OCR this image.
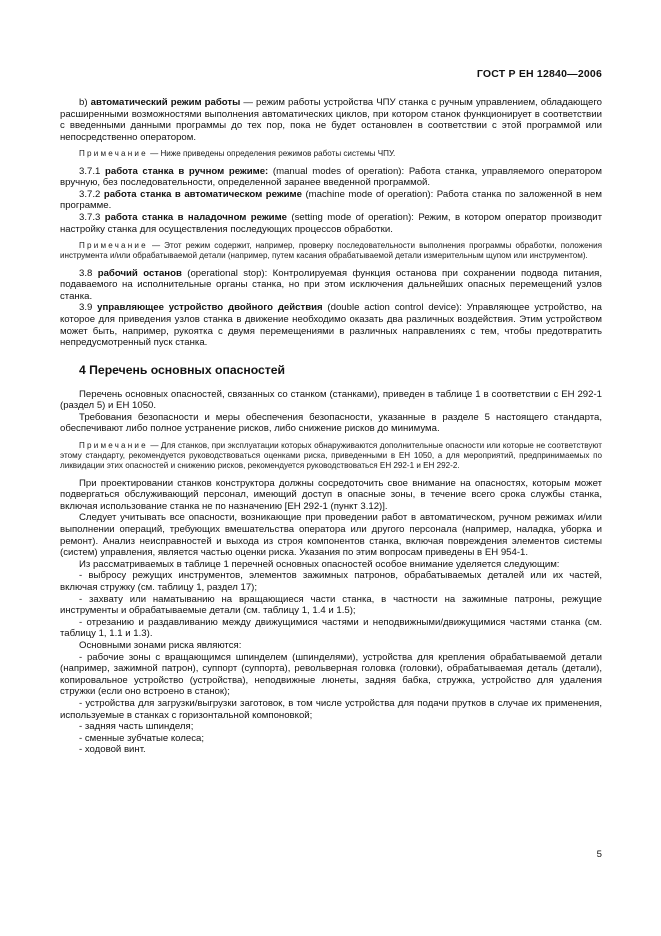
ГОСТ Р ЕН 12840—2006

b) автоматический режим работы — режим работы устройства ЧПУ станка с ручным управлением, обладающего расширенными возможностями выполнения автоматических циклов, при котором станок функционирует в соответствии с введенными данными программы до тех пор, пока не будет остановлен в соответствии с этой программой или непосредственно оператором.

Примечание — Ниже приведены определения режимов работы системы ЧПУ.

3.7.1 работа станка в ручном режиме: (manual modes of operation): Работа станка, управляемого оператором вручную, без последовательности, определенной заранее введенной программой.

3.7.2 работа станка в автоматическом режиме (machine mode of operation): Работа станка по заложенной в нем программе.

3.7.3 работа станка в наладочном режиме (setting mode of operation): Режим, в котором оператор производит настройку станка для осуществления последующих процессов обработки.

Примечание — Этот режим содержит, например, проверку последовательности выполнения программы обработки, положения инструмента и/или обрабатываемой детали (например, путем касания обрабатываемой детали измерительным щупом или инструментом).

3.8 рабочий останов (operational stop): Контролируемая функция останова при сохранении подвода питания, подаваемого на исполнительные органы станка, но при этом исключения дальнейших опасных перемещений узлов станка.

3.9 управляющее устройство двойного действия (double action control device): Управляющее устройство, на которое для приведения узлов станка в движение необходимо оказать два различных воздействия. Этим устройством может быть, например, рукоятка с двумя перемещениями в различных направлениях с тем, чтобы предотвратить непредусмотренный пуск станка.

4 Перечень основных опасностей

Перечень основных опасностей, связанных со станком (станками), приведен в таблице 1 в соответствии с ЕН 292-1 (раздел 5) и ЕН 1050.

Требования безопасности и меры обеспечения безопасности, указанные в разделе 5 настоящего стандарта, обеспечивают либо полное устранение рисков, либо снижение рисков до минимума.

Примечание — Для станков, при эксплуатации которых обнаруживаются дополнительные опасности или которые не соответствуют этому стандарту, рекомендуется руководствоваться оценками риска, приведенными в ЕН 1050, а для мероприятий, предпринимаемых по ликвидации этих опасностей и снижению рисков, рекомендуется руководствоваться ЕН 292-1 и ЕН 292-2.

При проектировании станков конструктора должны сосредоточить свое внимание на опасностях, которым может подвергаться обслуживающий персонал, имеющий доступ в опасные зоны, в течение всего срока службы станка, включая использование станка не по назначению [ЕН 292-1 (пункт 3.12)].

Следует учитывать все опасности, возникающие при проведении работ в автоматическом, ручном режимах и/или выполнении операций, требующих вмешательства оператора или другого персонала (например, наладка, уборка и ремонт). Анализ неисправностей и выхода из строя компонентов станка, включая повреждения элементов системы (систем) управления, является частью оценки риска. Указания по этим вопросам приведены в ЕН 954-1.

Из рассматриваемых в таблице 1 перечней основных опасностей особое внимание уделяется следующим:

- выбросу режущих инструментов, элементов зажимных патронов, обрабатываемых деталей или их частей, включая стружку (см. таблицу 1, раздел 17);

- захвату или наматыванию на вращающиеся части станка, в частности на зажимные патроны, режущие инструменты и обрабатываемые детали (см. таблицу 1, 1.4 и 1.5);

- отрезанию и раздавливанию между движущимися частями и неподвижными/движущимися частями станка (см. таблицу 1, 1.1 и 1.3).

Основными зонами риска являются:

- рабочие зоны с вращающимся шпинделем (шпинделями), устройства для крепления обрабатываемой детали (например, зажимной патрон), суппорт (суппорта), револьверная головка (головки), обрабатываемая деталь (детали), копировальное устройство (устройства), неподвижные люнеты, задняя бабка, стружка, устройство для удаления стружки (если оно встроено в станок);

- устройства для загрузки/выгрузки заготовок, в том числе устройства для подачи прутков в случае их применения, используемые в станках с горизонтальной компоновкой;

- задняя часть шпинделя;

- сменные зубчатые колеса;

- ходовой винт.

5
